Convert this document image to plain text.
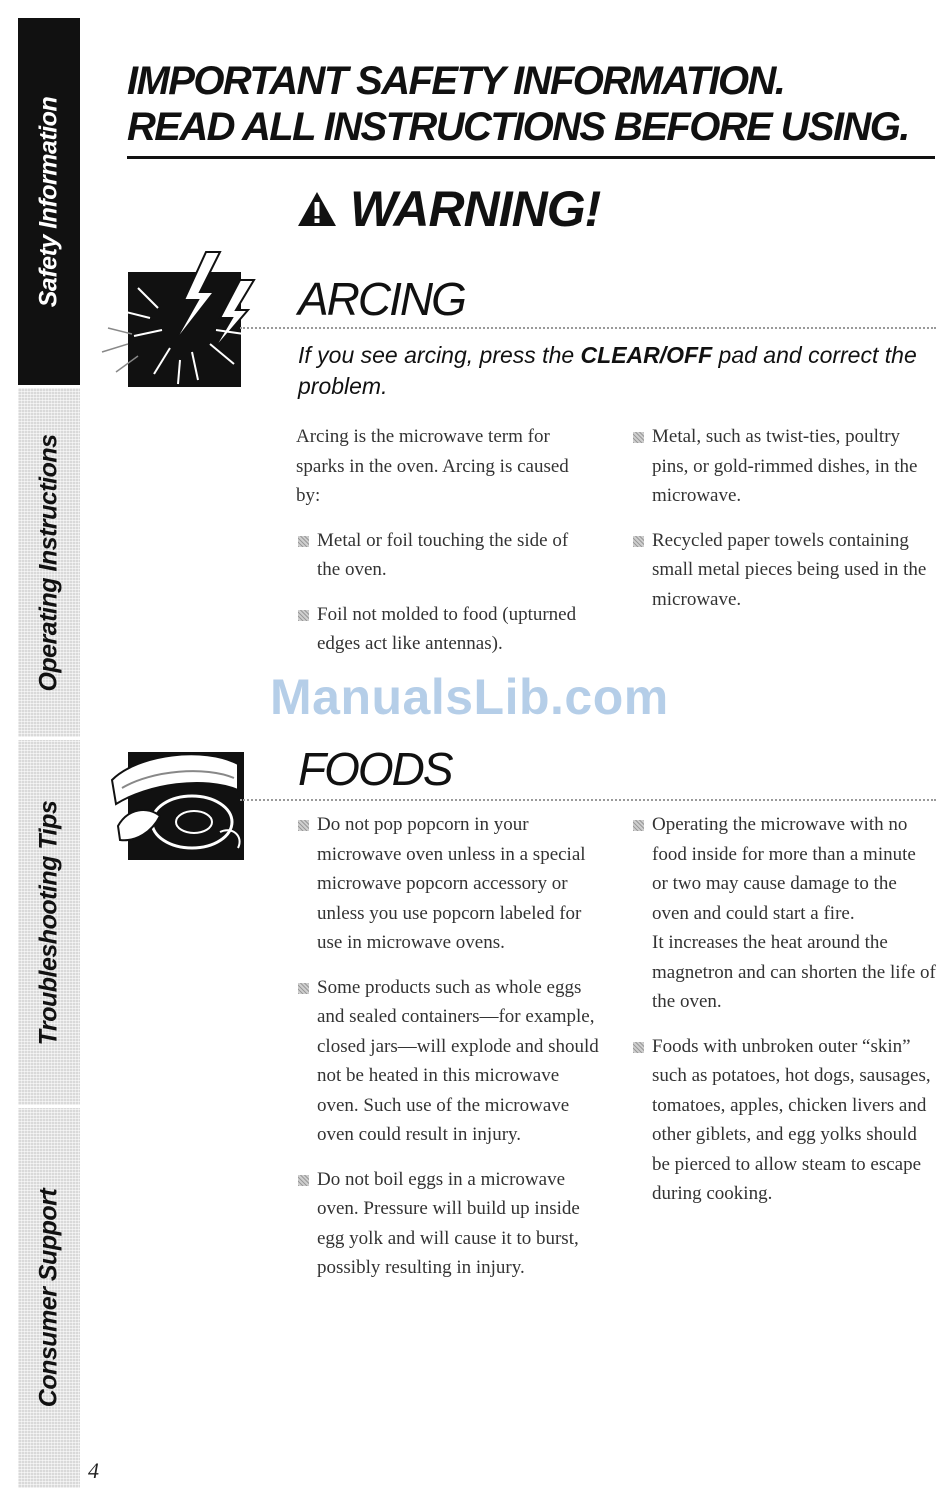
Safety Information
Operating Instructions
Troubleshooting Tips
Consumer Support
4
IMPORTANT SAFETY INFORMATION.
READ ALL INSTRUCTIONS BEFORE USING.
WARNING!
ARCING
If you see arcing, press the CLEAR/OFF pad and correct the problem.

Arcing is the microwave term for sparks in the oven. Arcing is caused by:

Metal or foil touching the side of the oven.
Foil not molded to food (upturned edges act like antennas).
Metal, such as twist-ties, poultry pins, or gold-rimmed dishes, in the microwave.
Recycled paper towels containing small metal pieces being used in the microwave.
ManualsLib.com
FOODS
Do not pop popcorn in your microwave oven unless in a special microwave popcorn accessory or unless you use popcorn labeled for use in microwave ovens.
Some products such as whole eggs and sealed containers—for example, closed jars—will explode and should not be heated in this microwave oven. Such use of the microwave oven could result in injury.
Do not boil eggs in a microwave oven. Pressure will build up inside egg yolk and will cause it to burst, possibly resulting in injury.
Operating the microwave with no food inside for more than a minute or two may cause damage to the oven and could start a fire.
It increases the heat around the magnetron and can shorten the life of the oven.
Foods with unbroken outer “skin” such as potatoes, hot dogs, sausages, tomatoes, apples, chicken livers and other giblets, and egg yolks should be pierced to allow steam to escape during cooking.
